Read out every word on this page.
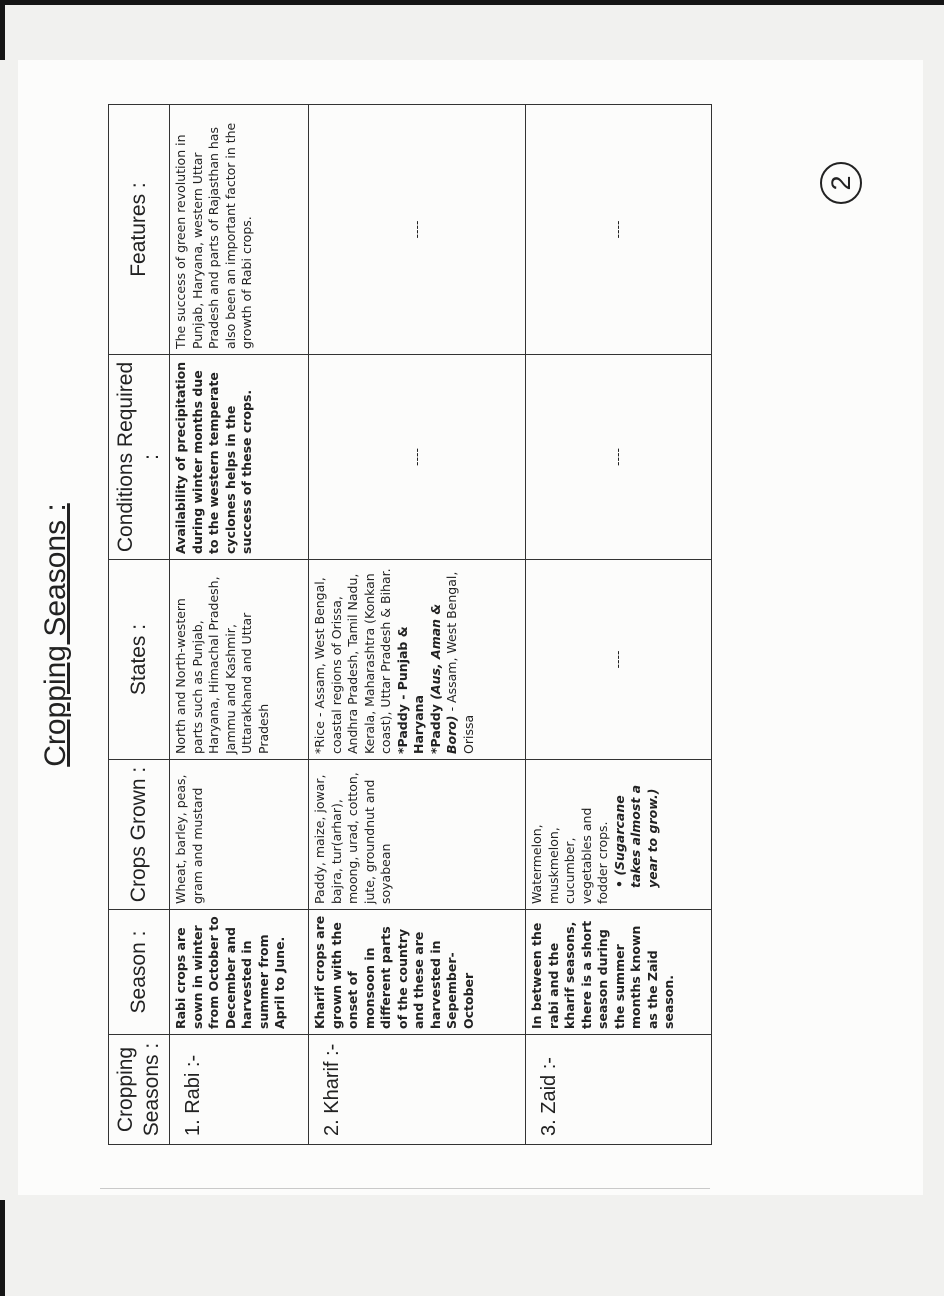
2
Cropping Seasons :
Cropping Seasons :	Season :	Crops Grown :	States :	Conditions Required :	Features :
1. Rabi :-	Rabi crops are sown in winter from October to December and harvested in summer from April to June.	Wheat, barley, peas, gram and mustard	North and North-western parts such as Punjab, Haryana, Himachal Pradesh, Jammu and Kashmir, Uttarakhand and Uttar Pradesh	Availability of precipitation during winter months due to the western temperate cyclones helps in the success of these crops.	The success of green revolution in Punjab, Haryana, western Uttar Pradesh and parts of Rajasthan has also been an important factor in the growth of Rabi crops.
2. Kharif :-	Kharif crops are grown with the onset of monsoon in different parts of the country and these are harvested in Sepember-October	Paddy, maize, jowar, bajra, tur(arhar), moong, urad, cotton, jute, groundnut and soyabean	*Rice - Assam, West Bengal, coastal regions of Orissa, Andhra Pradesh, Tamil Nadu, Kerala, Maharashtra (Konkan coast), Uttar Pradesh & Bihar. *Paddy - Punjab & Haryana *Paddy (Aus, Aman & Boro) - Assam, West Bengal, Orissa	----	----
3. Zaid :-	In between the rabi and the kharif seasons, there is a short season during the summer months known as the Zaid season.	Watermelon, muskmelon, cucumber, vegetables and fodder crops. • (Sugarcane takes almost a year to grow.)	----	----	----
